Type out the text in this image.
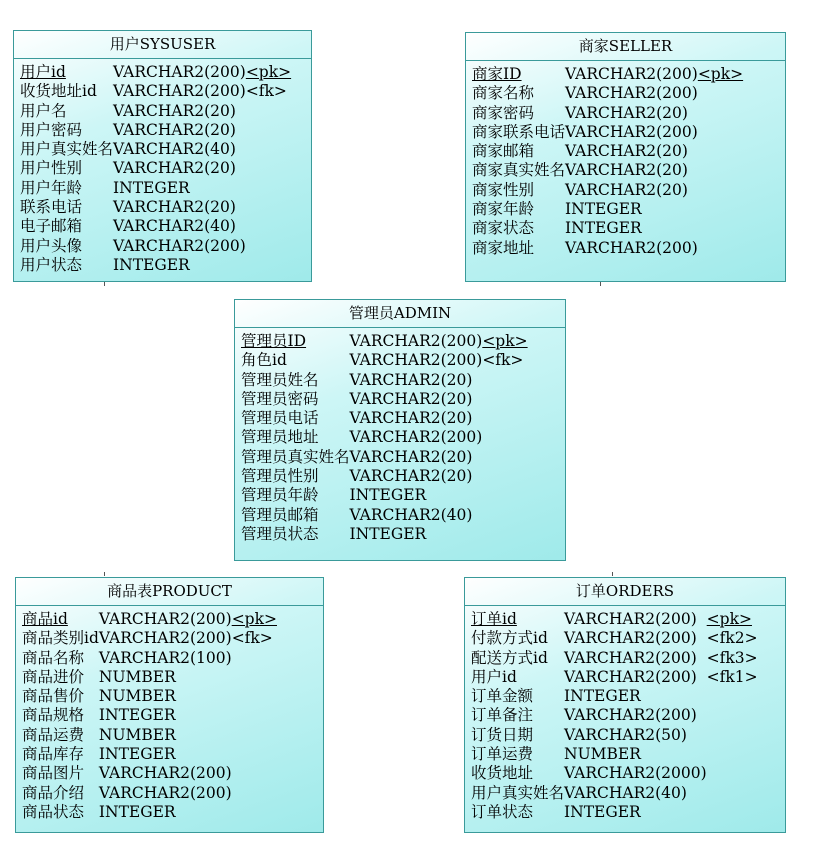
用户SYSUSER
用户id	VARCHAR2(200)	<pk>
收货地址id	VARCHAR2(200)	<fk>
用户名	VARCHAR2(20)	
用户密码	VARCHAR2(20)	
用户真实姓名	VARCHAR2(40)	
用户性别	VARCHAR2(20)	
用户年龄	INTEGER	
联系电话	VARCHAR2(20)	
电子邮箱	VARCHAR2(40)	
用户头像	VARCHAR2(200)	
用户状态	INTEGER	
商家SELLER
商家ID	VARCHAR2(200)	<pk>
商家名称	VARCHAR2(200)	
商家密码	VARCHAR2(20)	
商家联系电话	VARCHAR2(200)	
商家邮箱	VARCHAR2(20)	
商家真实姓名	VARCHAR2(20)	
商家性别	VARCHAR2(20)	
商家年龄	INTEGER	
商家状态	INTEGER	
商家地址	VARCHAR2(200)	
管理员ADMIN
管理员ID	VARCHAR2(200)	<pk>
角色id	VARCHAR2(200)	<fk>
管理员姓名	VARCHAR2(20)	
管理员密码	VARCHAR2(20)	
管理员电话	VARCHAR2(20)	
管理员地址	VARCHAR2(200)	
管理员真实姓名	VARCHAR2(20)	
管理员性别	VARCHAR2(20)	
管理员年龄	INTEGER	
管理员邮箱	VARCHAR2(40)	
管理员状态	INTEGER	
商品表PRODUCT
商品id	VARCHAR2(200)	<pk>
商品类别id	VARCHAR2(200)	<fk>
商品名称	VARCHAR2(100)	
商品进价	NUMBER	
商品售价	NUMBER	
商品规格	INTEGER	
商品运费	NUMBER	
商品库存	INTEGER	
商品图片	VARCHAR2(200)	
商品介绍	VARCHAR2(200)	
商品状态	INTEGER	
订单ORDERS
订单id	VARCHAR2(200)	<pk>
付款方式id	VARCHAR2(200)	<fk2>
配送方式id	VARCHAR2(200)	<fk3>
用户id	VARCHAR2(200)	<fk1>
订单金额	INTEGER	
订单备注	VARCHAR2(200)	
订货日期	VARCHAR2(50)	
订单运费	NUMBER	
收货地址	VARCHAR2(2000)	
用户真实姓名	VARCHAR2(40)	
订单状态	INTEGER	
